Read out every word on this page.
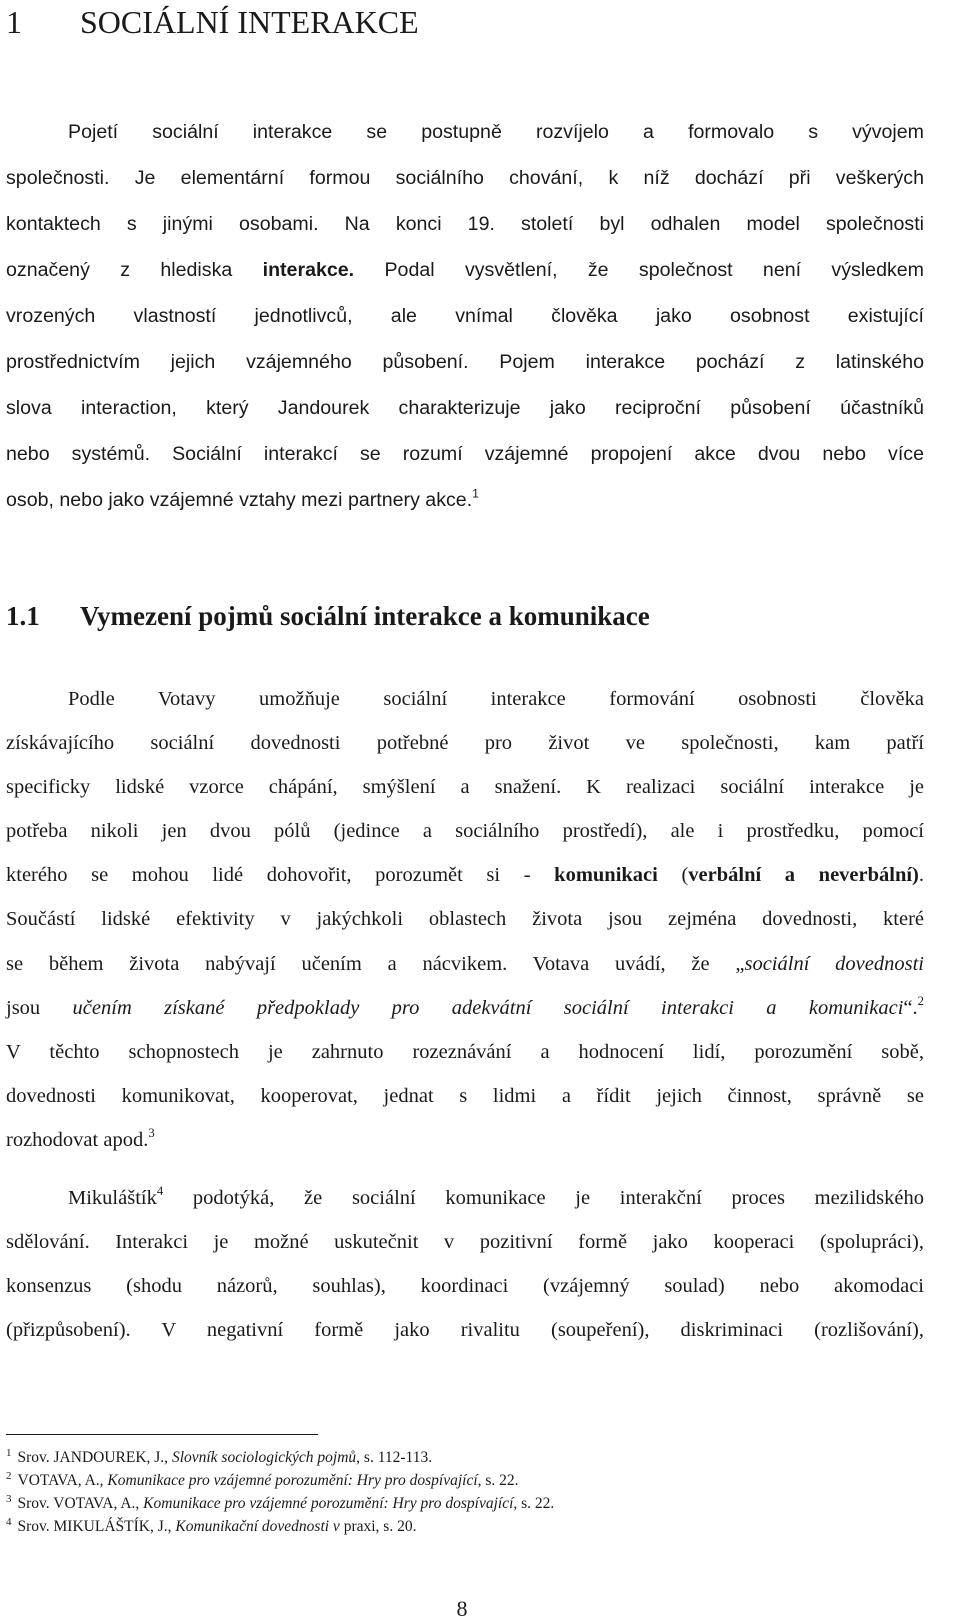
1 SOCIÁLNÍ INTERAKCE
Pojetí sociální interakce se postupně rozvíjelo a formovalo s vývojem
společnosti. Je elementární formou sociálního chování, k níž dochází při veškerých
kontaktech s jinými osobami. Na konci 19. století byl odhalen model společnosti
označený z hlediska interakce. Podal vysvětlení, že společnost není výsledkem
vrozených vlastností jednotlivců, ale vnímal člověka jako osobnost existující
prostřednictvím jejich vzájemného působení. Pojem interakce pochází z latinského
slova interaction, který Jandourek charakterizuje jako reciproční působení účastníků
nebo systémů. Sociální interakcí se rozumí vzájemné propojení akce dvou nebo více
osob, nebo jako vzájemné vztahy mezi partnery akce.$^1$
1.1 Vymezení pojmů sociální interakce a komunikace
Podle Votavy umožňuje sociální interakce formování osobnosti člověka
získávajícího sociální dovednosti potřebné pro život ve společnosti, kam patří
specificky lidské vzorce chápání, smýšlení a snažení. K realizaci sociální interakce je
potřeba nikoli jen dvou pólů (jedince a sociálního prostředí), ale i prostředku, pomocí
kterého se mohou lidé dohovořit, porozumět si - komunikaci (verbální a neverbální).
Součástí lidské efektivity v jakýchkoli oblastech života jsou zejména dovednosti, které
se během života nabývají učením a nácvikem. Votava uvádí, že „sociální dovednosti
jsou učením získané předpoklady pro adekvátní sociální interakci a komunikaci“.$^2$
V těchto schopnostech je zahrnuto rozeznávání a hodnocení lidí, porozumění sobě,
dovednosti komunikovat, kooperovat, jednat s lidmi a řídit jejich činnost, správně se
rozhodovat apod.$^3$
Mikuláštík$^4$ podotýká, že sociální komunikace je interakční proces mezilidského
sdělování. Interakci je možné uskutečnit v pozitivní formě jako kooperaci (spolupráci),
konsenzus (shodu názorů, souhlas), koordinaci (vzájemný soulad) nebo akomodaci
(přizpůsobení). V negativní formě jako rivalitu (soupeření), diskriminaci (rozlišování),
$^1$ Srov. JANDOUREK, J., Slovník sociologických pojmů, s. 112-113.
$^2$ VOTAVA, A., Komunikace pro vzájemné porozumění: Hry pro dospívající, s. 22.
$^3$ Srov. VOTAVA, A., Komunikace pro vzájemné porozumění: Hry pro dospívající, s. 22.
$^4$ Srov. MIKULÁŠTÍK, J., Komunikační dovednosti v praxi, s. 20.
8
